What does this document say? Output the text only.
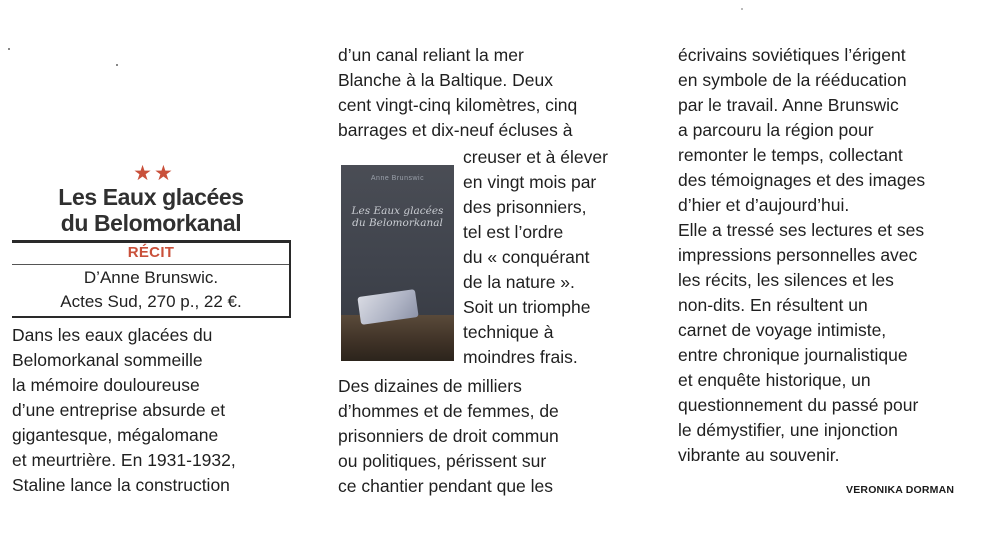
★★
Les Eaux glacées
du Belomorkanal
RÉCIT
D’Anne Brunswic.
Actes Sud, 270 p., 22 €.
Dans les eaux glacées du
Belomorkanal sommeille
la mémoire douloureuse
d’une entreprise absurde et
gigantesque, mégalomane
et meurtrière. En 1931-1932,
Staline lance la construction
d’un canal reliant la mer
Blanche à la Baltique. Deux
cent vingt-cinq kilomètres, cinq
barrages et dix-neuf écluses à
Anne Brunswic
Les Eaux glacées
du Belomorkanal
creuser et à élever
en vingt mois par
des prisonniers,
tel est l’ordre
du « conquérant
de la nature ».
Soit un triomphe
technique à
moindres frais.
Des dizaines de milliers
d’hommes et de femmes, de
prisonniers de droit commun
ou politiques, périssent sur
ce chantier pendant que les
écrivains soviétiques l’érigent
en symbole de la rééducation
par le travail. Anne Brunswic
a parcouru la région pour
remonter le temps, collectant
des témoignages et des images
d’hier et d’aujourd’hui.
Elle a tressé ses lectures et ses
impressions personnelles avec
les récits, les silences et les
non-dits. En résultent un
carnet de voyage intimiste,
entre chronique journalistique
et enquête historique, un
questionnement du passé pour
le démystifier, une injonction
vibrante au souvenir.
VERONIKA DORMAN
